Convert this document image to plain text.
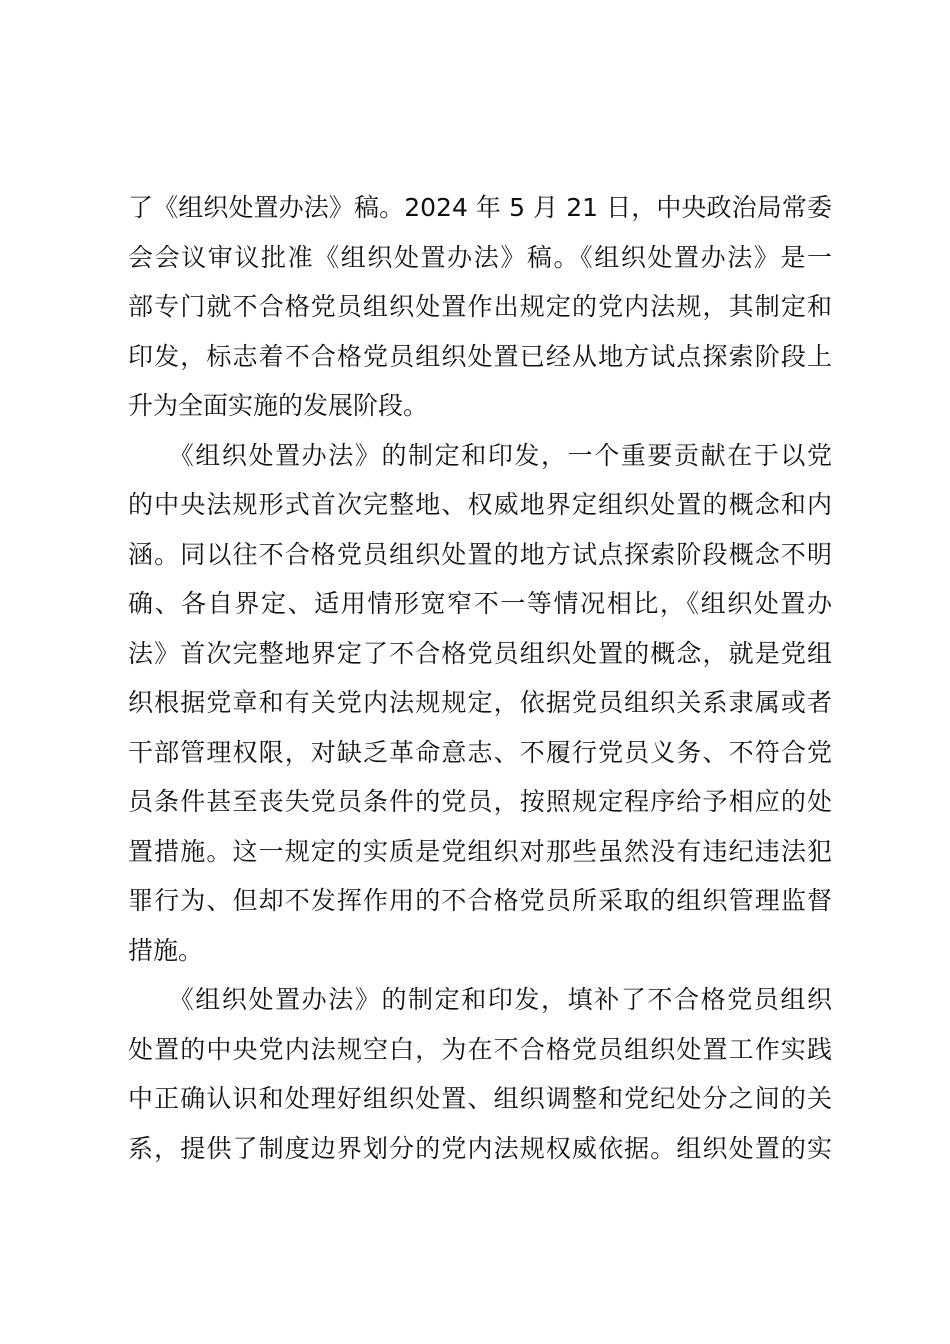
了《组织处置办法》稿。2024 年 5 月 21 日，中央政治局常委
会会议审议批准《组织处置办法》稿。《组织处置办法》是一
部专门就不合格党员组织处置作出规定的党内法规，其制定和
印发，标志着不合格党员组织处置已经从地方试点探索阶段上
升为全面实施的发展阶段。
　　《组织处置办法》的制定和印发，一个重要贡献在于以党
的中央法规形式首次完整地、权威地界定组织处置的概念和内
涵。同以往不合格党员组织处置的地方试点探索阶段概念不明
确、各自界定、适用情形宽窄不一等情况相比，《组织处置办
法》首次完整地界定了不合格党员组织处置的概念，就是党组
织根据党章和有关党内法规规定，依据党员组织关系隶属或者
干部管理权限，对缺乏革命意志、不履行党员义务、不符合党
员条件甚至丧失党员条件的党员，按照规定程序给予相应的处
置措施。这一规定的实质是党组织对那些虽然没有违纪违法犯
罪行为、但却不发挥作用的不合格党员所采取的组织管理监督
措施。
　　《组织处置办法》的制定和印发，填补了不合格党员组织
处置的中央党内法规空白，为在不合格党员组织处置工作实践
中正确认识和处理好组织处置、组织调整和党纪处分之间的关
系，提供了制度边界划分的党内法规权威依据。组织处置的实
